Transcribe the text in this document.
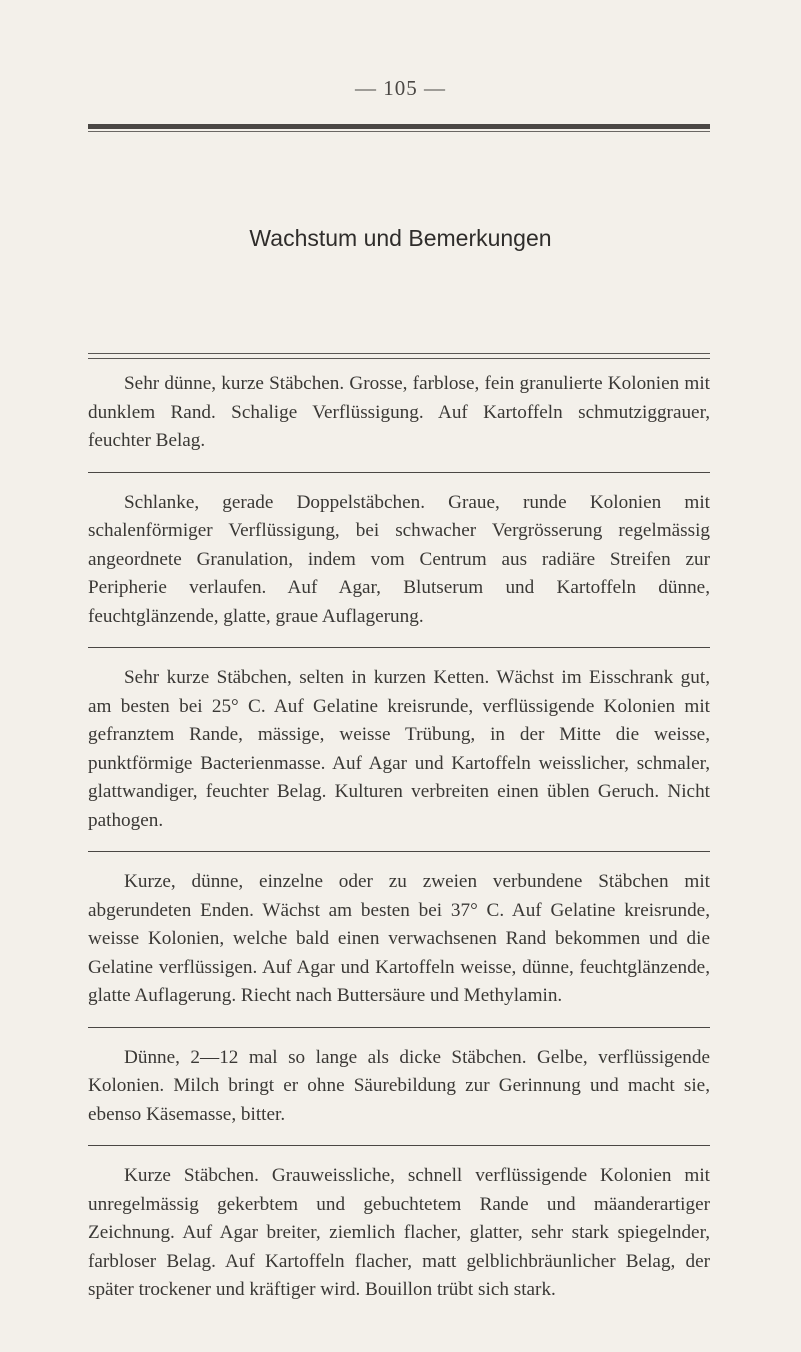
— 105 —
Wachstum und Bemerkungen

Sehr dünne, kurze Stäbchen. Grosse, farblose, fein granulierte Kolonien mit dunklem Rand. Schalige Verflüssigung. Auf Kartoffeln schmutziggrauer, feuchter Belag.

Schlanke, gerade Doppelstäbchen. Graue, runde Kolonien mit schalenförmiger Verflüssigung, bei schwacher Vergrösserung regelmässig angeordnete Granulation, indem vom Centrum aus radiäre Streifen zur Peripherie verlaufen. Auf Agar, Blutserum und Kartoffeln dünne, feuchtglänzende, glatte, graue Auflagerung.

Sehr kurze Stäbchen, selten in kurzen Ketten. Wächst im Eisschrank gut, am besten bei 25° C. Auf Gelatine kreisrunde, verflüssigende Kolonien mit gefranztem Rande, mässige, weisse Trübung, in der Mitte die weisse, punktförmige Bacterienmasse. Auf Agar und Kartoffeln weisslicher, schmaler, glattwandiger, feuchter Belag. Kulturen verbreiten einen üblen Geruch. Nicht pathogen.

Kurze, dünne, einzelne oder zu zweien verbundene Stäbchen mit abgerundeten Enden. Wächst am besten bei 37° C. Auf Gelatine kreisrunde, weisse Kolonien, welche bald einen verwachsenen Rand bekommen und die Gelatine verflüssigen. Auf Agar und Kartoffeln weisse, dünne, feuchtglänzende, glatte Auflagerung. Riecht nach Buttersäure und Methylamin.

Dünne, 2—12 mal so lange als dicke Stäbchen. Gelbe, verflüssigende Kolonien. Milch bringt er ohne Säurebildung zur Gerinnung und macht sie, ebenso Käsemasse, bitter.

Kurze Stäbchen. Grauweissliche, schnell verflüssigende Kolonien mit unregelmässig gekerbtem und gebuchtetem Rande und mäanderartiger Zeichnung. Auf Agar breiter, ziemlich flacher, glatter, sehr stark spiegelnder, farbloser Belag. Auf Kartoffeln flacher, matt gelblichbräunlicher Belag, der später trockener und kräftiger wird. Bouillon trübt sich stark.
